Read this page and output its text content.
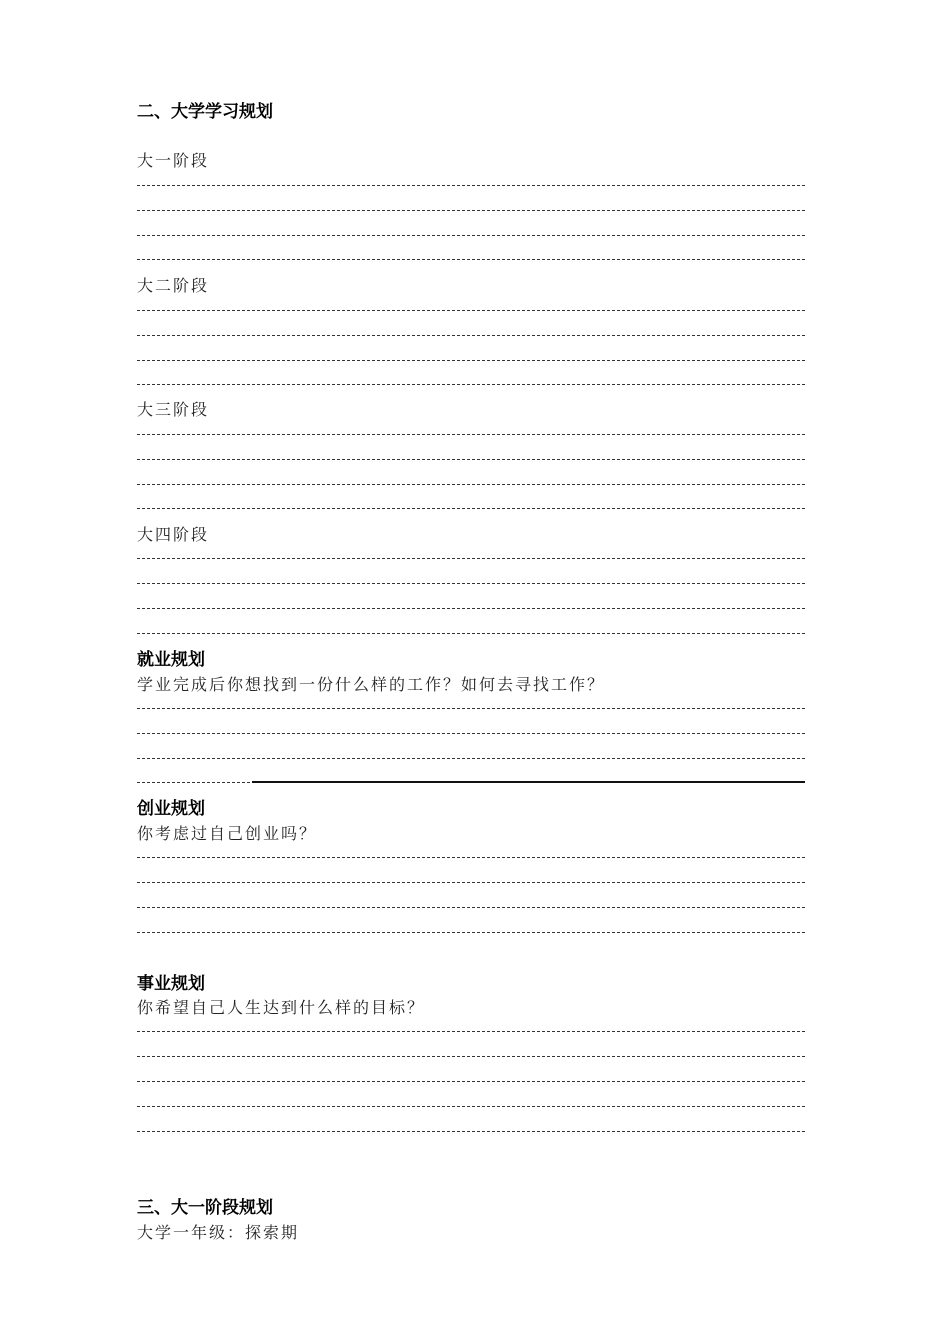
二、大学学习规划
大一阶段
大二阶段
大三阶段
大四阶段
就业规划
学业完成后你想找到一份什么样的工作？如何去寻找工作？
创业规划
你考虑过自己创业吗？
事业规划
你希望自己人生达到什么样的目标？
三、大一阶段规划
大学一年级：探索期
